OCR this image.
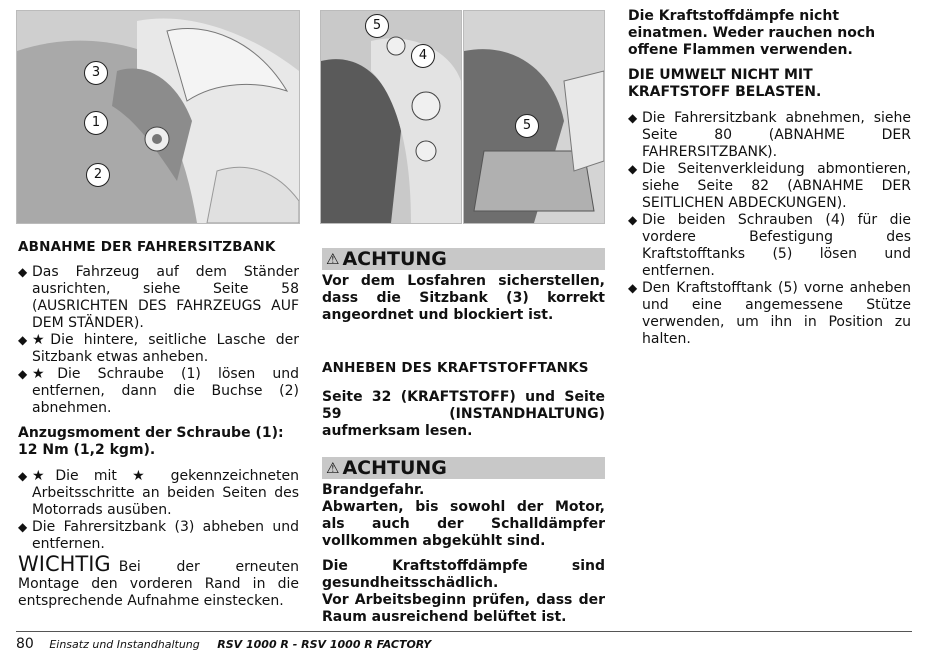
3
1
2
5
4
5
ABNAHME DER FAHRERSITZBANK
◆ Das Fahrzeug auf dem Ständer ausrichten, siehe Seite 58 (AUSRICHTEN DES FAHRZEUGS AUF DEM STÄNDER).
◆ ★Die hintere, seitliche Lasche der Sitzbank etwas anheben.
◆ ★Die Schraube (1) lösen und entfernen, dann die Buchse (2) abnehmen.
Anzugsmoment der Schraube (1): 12 Nm (1,2 kgm).
◆ ★Die mit ★ gekennzeichneten Arbeitsschritte an beiden Seiten des Motorrads ausüben.
◆ Die Fahrersitzbank (3) abheben und entfernen.
WICHTIG Bei der erneuten Montage den vorderen Rand in die entsprechende Aufnahme einstecken.
⚠ ACHTUNG
Vor dem Losfahren sicherstellen, dass die Sitzbank (3) korrekt angeordnet und blockiert ist.
ANHEBEN DES KRAFTSTOFFTANKS
Seite 32 (KRAFTSTOFF) und Seite 59 (INSTANDHALTUNG) aufmerksam lesen.
⚠ ACHTUNG
Brandgefahr.
Abwarten, bis sowohl der Motor, als auch der Schalldämpfer vollkommen abgekühlt sind.
Die Kraftstoffdämpfe sind gesundheitsschädlich.
Vor Arbeitsbeginn prüfen, dass der Raum ausreichend belüftet ist.
Die Kraftstoffdämpfe nicht einatmen. Weder rauchen noch offene Flammen verwenden.
DIE UMWELT NICHT MIT KRAFTSTOFF BELASTEN.
◆ Die Fahrersitzbank abnehmen, siehe Seite 80 (ABNAHME DER FAHRERSITZBANK).
◆ Die Seitenverkleidung abmontieren, siehe Seite 82 (ABNAHME DER SEITLICHEN ABDECKUNGEN).
◆ Die beiden Schrauben (4) für die vordere Befestigung des Kraftstofftanks (5) lösen und entfernen.
◆ Den Kraftstofftank (5) vorne anheben und eine angemessene Stütze verwenden, um ihn in Position zu halten.
80 Einsatz und Instandhaltung RSV 1000 R - RSV 1000 R FACTORY
